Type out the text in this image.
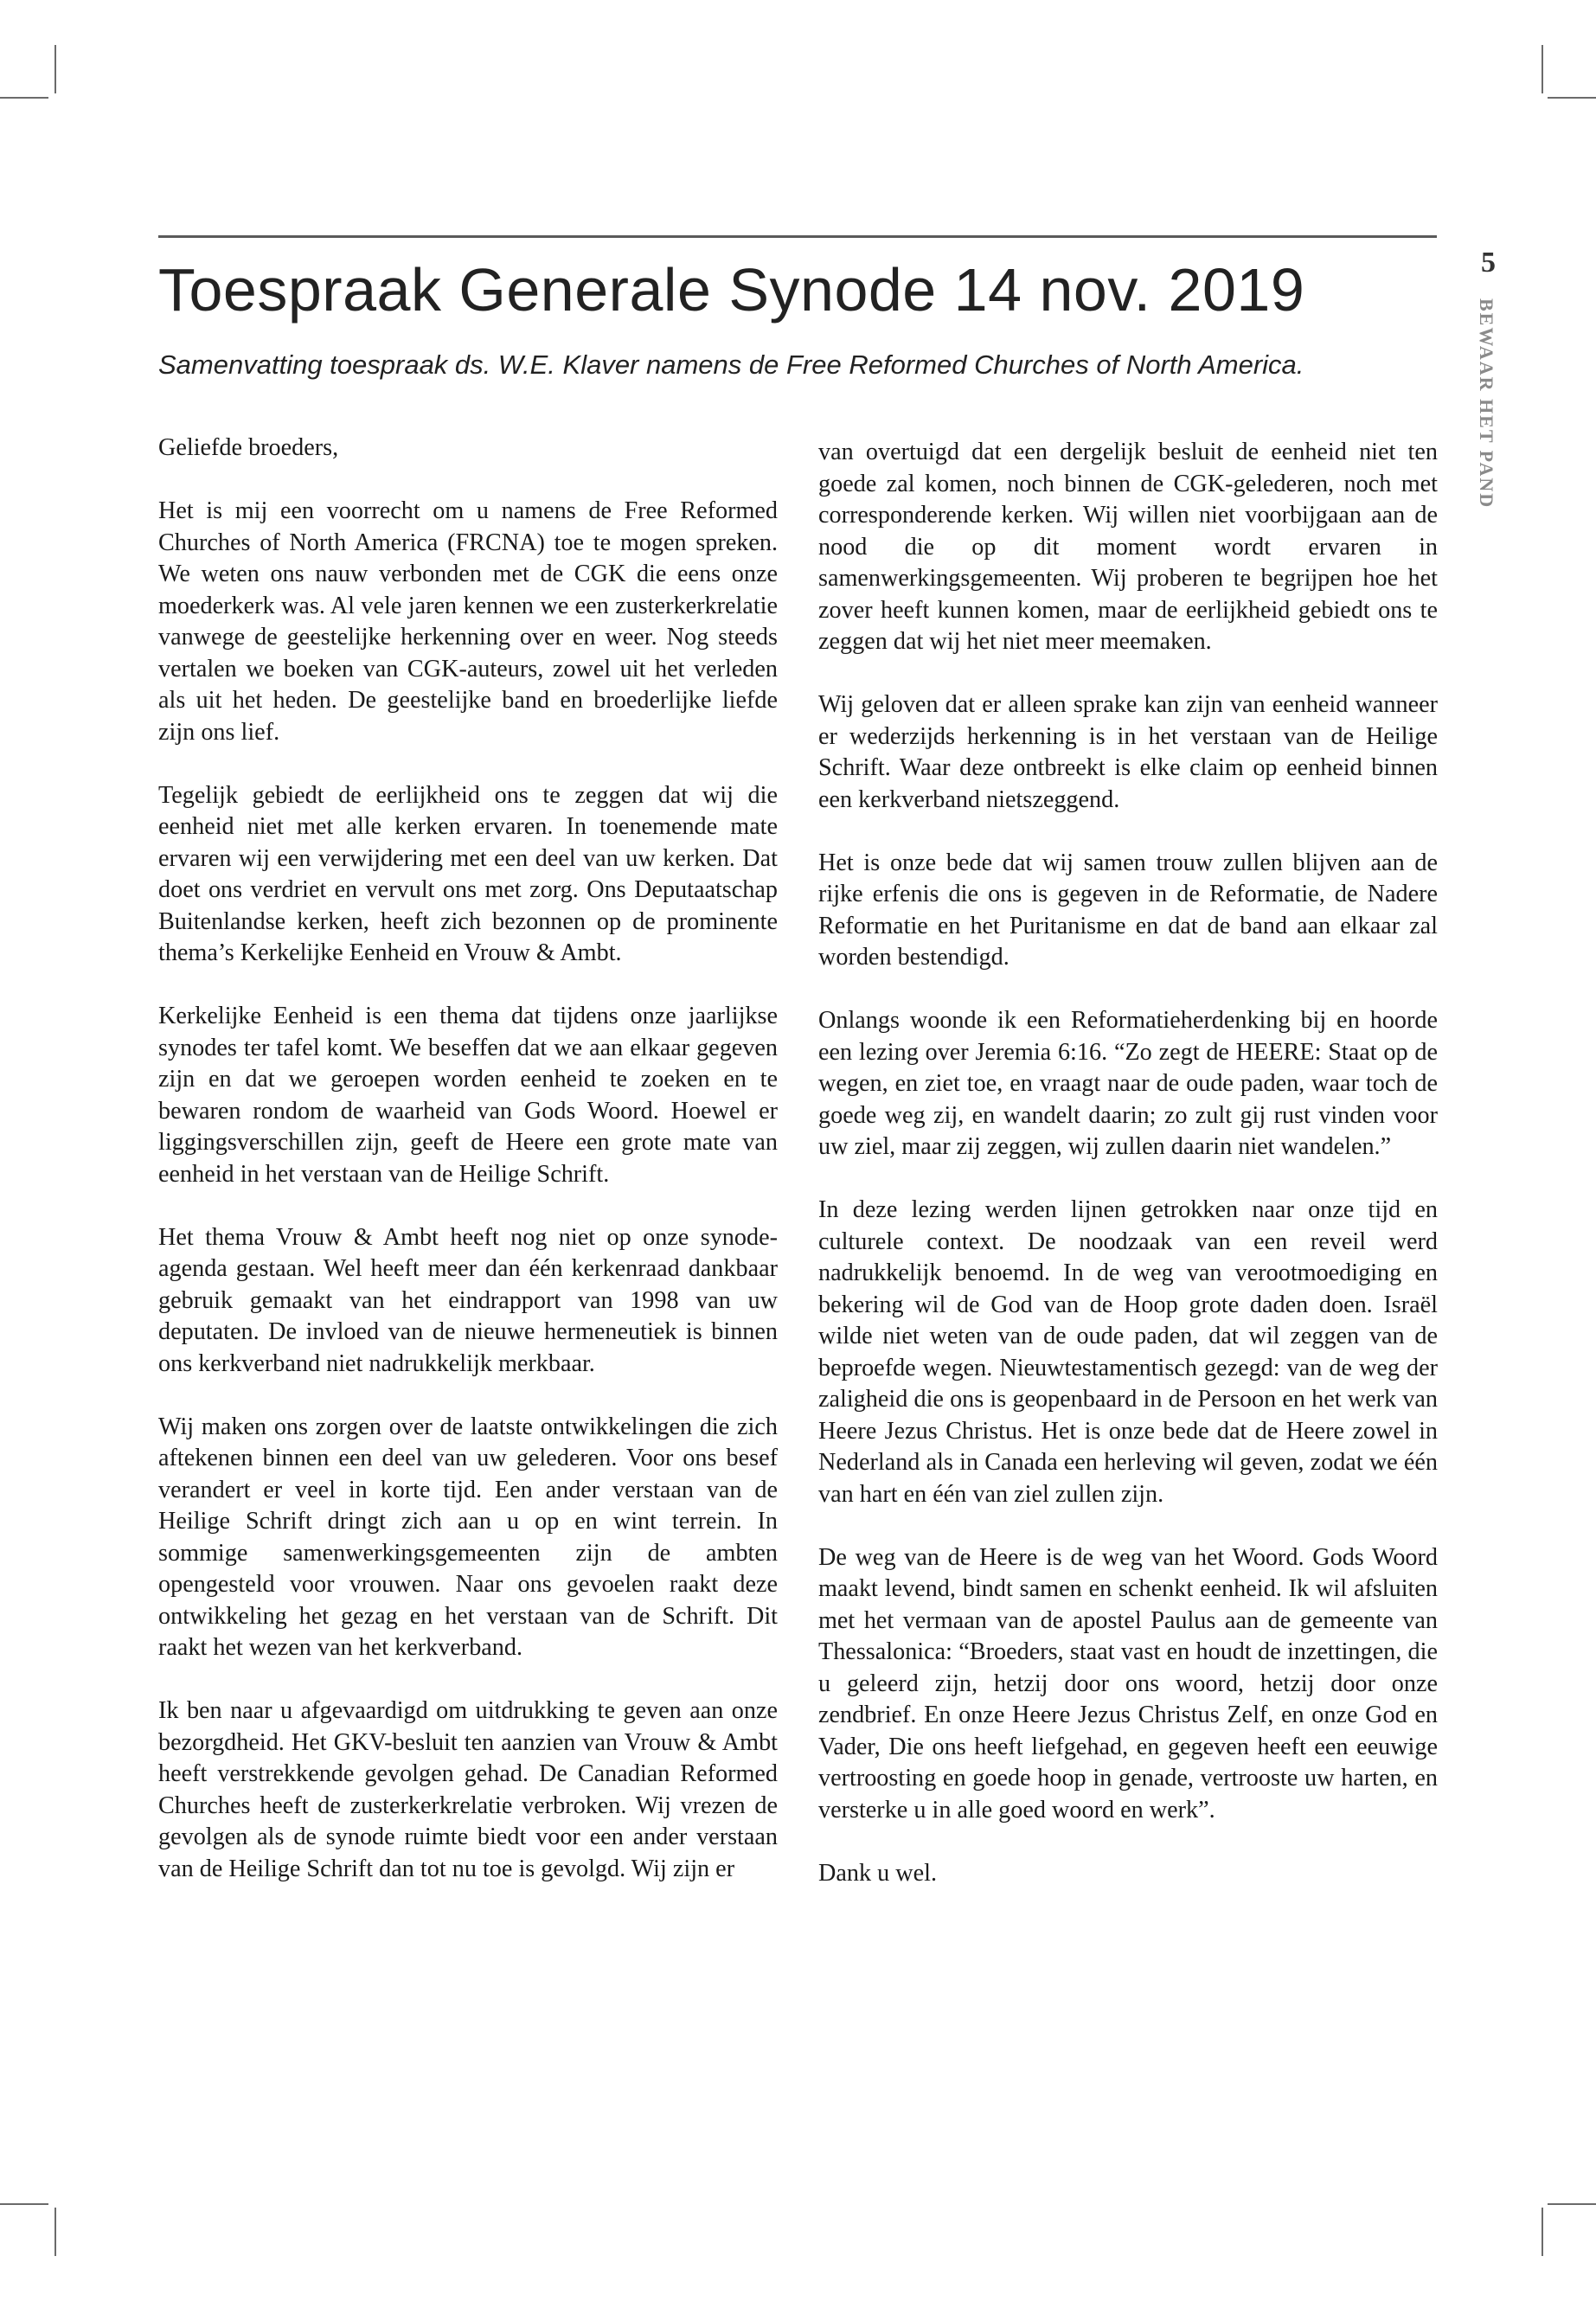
5
BEWAAR HET PAND
Toespraak Generale Synode 14 nov. 2019
Samenvatting toespraak ds. W.E. Klaver namens de Free Reformed Churches of North America.

Geliefde broeders,

Het is mij een voorrecht om u namens de Free Reformed Churches of North America (FRCNA) toe te mogen spreken. We weten ons nauw verbonden met de CGK die eens onze moederkerk was. Al vele jaren kennen we een zusterkerkrelatie vanwege de geestelijke herkenning over en weer. Nog steeds vertalen we boeken van CGK-auteurs, zowel uit het verleden als uit het heden. De geestelijke band en broederlijke liefde zijn ons lief.

Tegelijk gebiedt de eerlijkheid ons te zeggen dat wij die eenheid niet met alle kerken ervaren. In toenemende mate ervaren wij een verwijdering met een deel van uw kerken. Dat doet ons verdriet en vervult ons met zorg. Ons Deputaatschap Buitenlandse kerken, heeft zich bezonnen op de prominente thema’s Kerkelijke Eenheid en Vrouw & Ambt.

Kerkelijke Eenheid is een thema dat tijdens onze jaarlijkse synodes ter tafel komt. We beseffen dat we aan elkaar gegeven zijn en dat we geroepen worden eenheid te zoeken en te bewaren rondom de waarheid van Gods Woord. Hoewel er liggingsverschillen zijn, geeft de Heere een grote mate van eenheid in het verstaan van de Heilige Schrift.

Het thema Vrouw & Ambt heeft nog niet op onze synode-agenda gestaan. Wel heeft meer dan één kerkenraad dankbaar gebruik gemaakt van het eindrapport van 1998 van uw deputaten. De invloed van de nieuwe hermeneutiek is binnen ons kerkverband niet nadrukkelijk merkbaar.

Wij maken ons zorgen over de laatste ontwikkelingen die zich aftekenen binnen een deel van uw gelederen. Voor ons besef verandert er veel in korte tijd. Een ander verstaan van de Heilige Schrift dringt zich aan u op en wint terrein. In sommige samenwerkingsgemeenten zijn de ambten opengesteld voor vrouwen. Naar ons gevoelen raakt deze ontwikkeling het gezag en het verstaan van de Schrift. Dit raakt het wezen van het kerkverband.

Ik ben naar u afgevaardigd om uitdrukking te geven aan onze bezorgdheid. Het GKV-besluit ten aanzien van Vrouw & Ambt heeft verstrekkende gevolgen gehad. De Canadian Reformed Churches heeft de zusterkerkrelatie verbroken. Wij vrezen de gevolgen als de synode ruimte biedt voor een ander verstaan van de Heilige Schrift dan tot nu toe is gevolgd. Wij zijn er

van overtuigd dat een dergelijk besluit de eenheid niet ten goede zal komen, noch binnen de CGK-gelederen, noch met corresponderende kerken. Wij willen niet voorbijgaan aan de nood die op dit moment wordt ervaren in samenwerkingsgemeenten. Wij proberen te begrijpen hoe het zover heeft kunnen komen, maar de eerlijkheid gebiedt ons te zeggen dat wij het niet meer meemaken.

Wij geloven dat er alleen sprake kan zijn van eenheid wanneer er wederzijds herkenning is in het verstaan van de Heilige Schrift. Waar deze ontbreekt is elke claim op eenheid binnen een kerkverband nietszeggend.

Het is onze bede dat wij samen trouw zullen blijven aan de rijke erfenis die ons is gegeven in de Reformatie, de Nadere Reformatie en het Puritanisme en dat de band aan elkaar zal worden bestendigd.

Onlangs woonde ik een Reformatieherdenking bij en hoorde een lezing over Jeremia 6:16. “Zo zegt de HEERE: Staat op de wegen, en ziet toe, en vraagt naar de oude paden, waar toch de goede weg zij, en wandelt daarin; zo zult gij rust vinden voor uw ziel, maar zij zeggen, wij zullen daarin niet wandelen.”

In deze lezing werden lijnen getrokken naar onze tijd en culturele context. De noodzaak van een reveil werd nadrukkelijk benoemd. In de weg van verootmoediging en bekering wil de God van de Hoop grote daden doen. Israël wilde niet weten van de oude paden, dat wil zeggen van de beproefde wegen. Nieuwtestamentisch gezegd: van de weg der zaligheid die ons is geopenbaard in de Persoon en het werk van Heere Jezus Christus. Het is onze bede dat de Heere zowel in Nederland als in Canada een herleving wil geven, zodat we één van hart en één van ziel zullen zijn.

De weg van de Heere is de weg van het Woord. Gods Woord maakt levend, bindt samen en schenkt eenheid. Ik wil afsluiten met het vermaan van de apostel Paulus aan de gemeente van Thessalonica: “Broeders, staat vast en houdt de inzettingen, die u geleerd zijn, hetzij door ons woord, hetzij door onze zendbrief. En onze Heere Jezus Christus Zelf, en onze God en Vader, Die ons heeft liefgehad, en gegeven heeft een eeuwige vertroosting en goede hoop in genade, vertrooste uw harten, en versterke u in alle goed woord en werk”.

Dank u wel.
